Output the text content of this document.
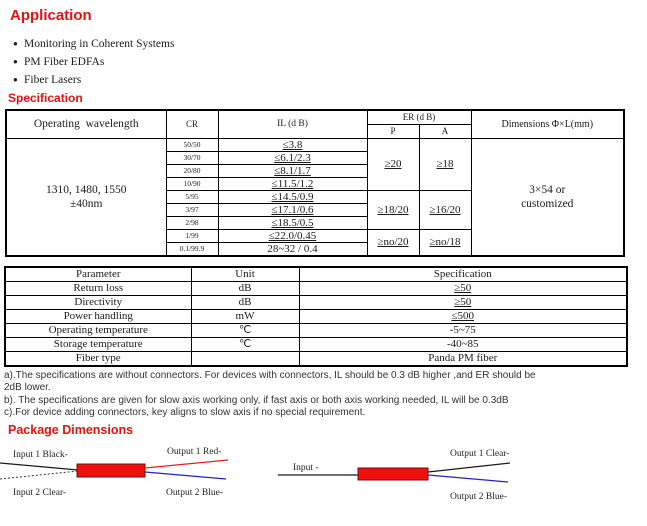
Application
● Monitoring in Coherent Systems
● PM Fiber EDFAs
● Fiber Lasers
Specification
Operating  wavelength	CR	IL (d B)	ER (d B)		Dimensions Φ×L(mm)
			P	A	

1310, 1480, 1550
±40nm
	50/50	≤3.8	≥20	≥18	
3×54 or
customized

	30/70	≤6.1/2.3			
	20/80	≤8.1/1.7			
	10/90	≤11.5/1.2			
	5/95	≤14.5/0.9	≥18/20	≥16/20	
	3/97	≤17.1/0.6			
	2/98	≤18.5/0.5			
	1/99	≤22.0/0.45	≥no/20	≥no/18	
	0.1/99.9	28~32 / 0.4			
Parameter	Unit	Specification
Return loss	dB	≥50
Directivity	dB	≥50
Power handling	mW	≤500
Operating temperature	℃	-5~75
Storage temperature	℃	-40~85
Fiber type		Panda PM fiber
a).The specifications are without connectors. For devices with connectors, IL should be 0.3 dB higher ,and ER should be 2dB lower.
b). The specifications are given for slow axis working only, if fast axis or both axis working needed, IL will be 0.3dB
c).For device adding connectors, key aligns to slow axis if no special requirement.
Package Dimensions
Input 1 Black-	Output 1 Red-
Input 2 Clear-	Output 2 Blue-
Input -
Output 1 Clear-
Output 2 Blue-
